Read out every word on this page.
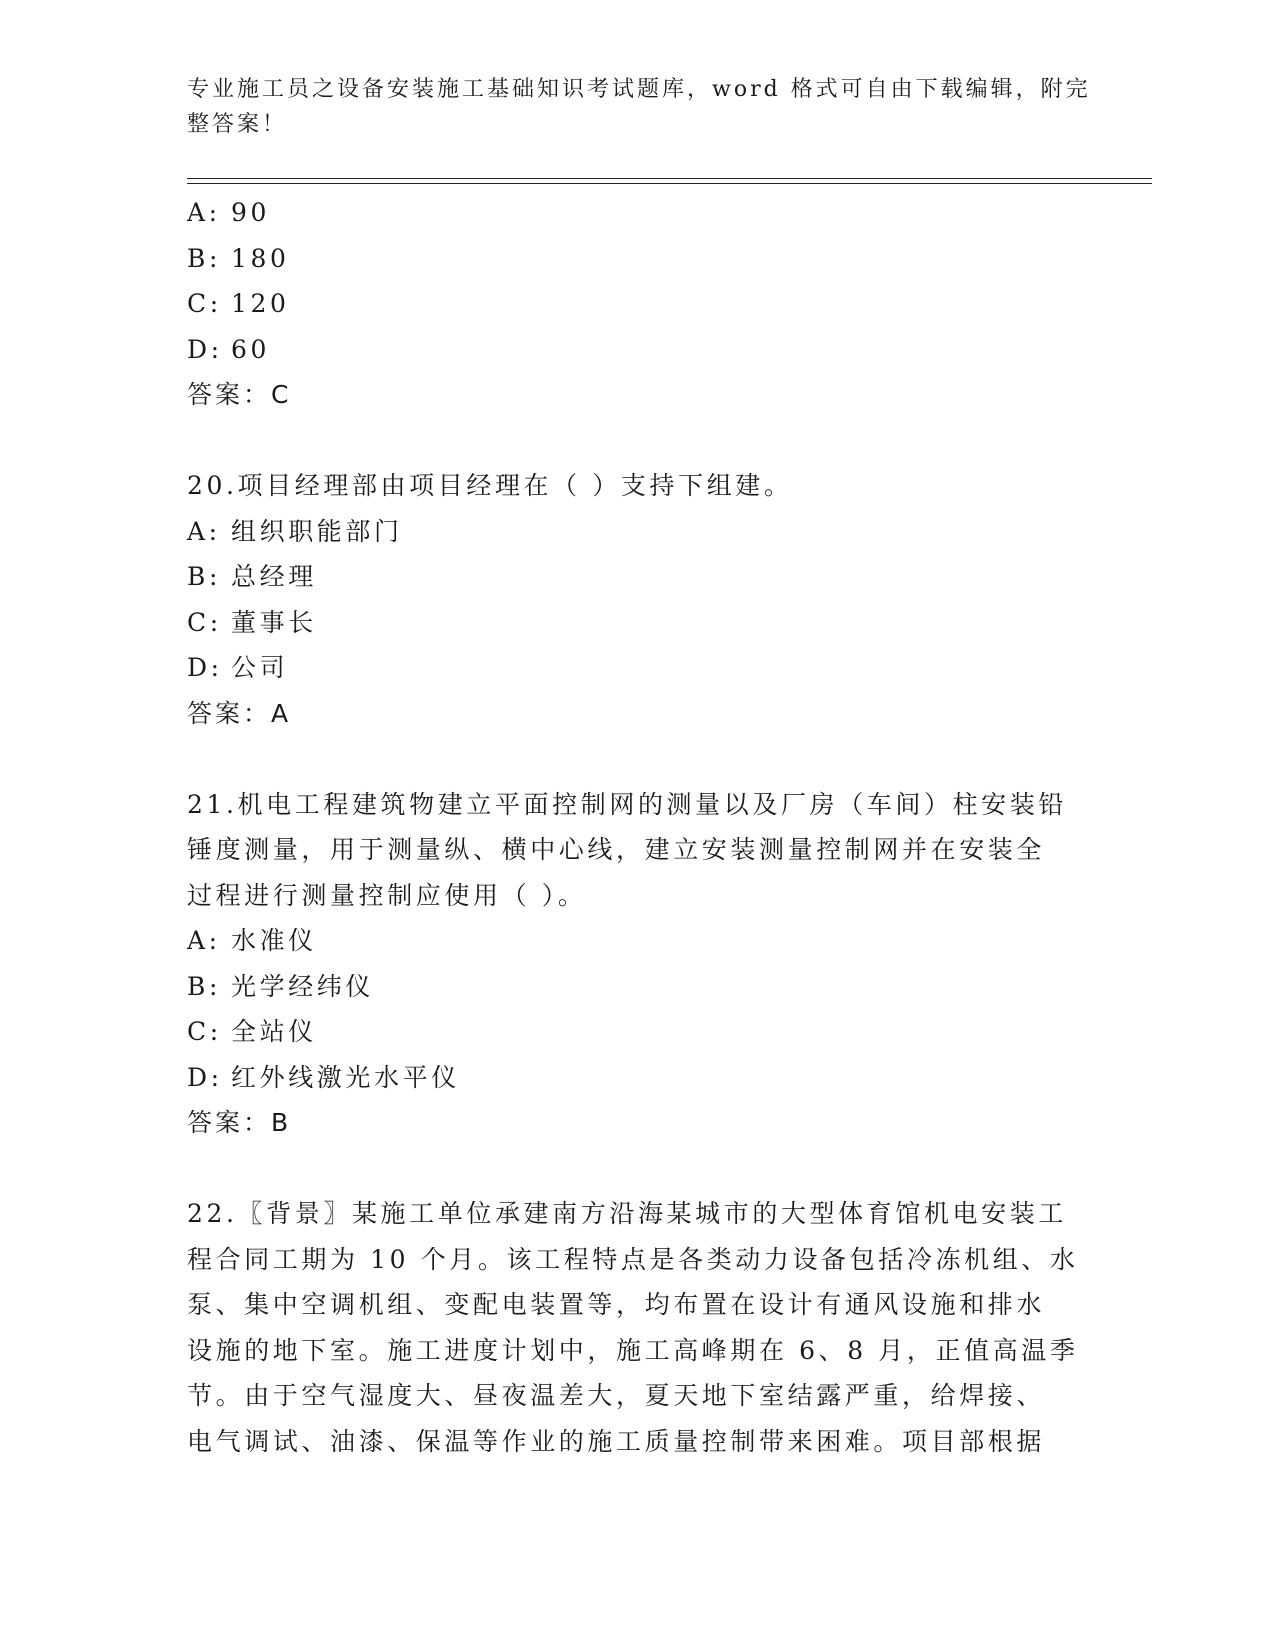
专业施工员之设备安装施工基础知识考试题库，word 格式可自由下载编辑，附完
整答案！
A: 90
B: 180
C: 120
D: 60
答案：C
20.项目经理部由项目经理在（ ）支持下组建。
A: 组织职能部门
B: 总经理
C: 董事长
D: 公司
答案：A
21.机电工程建筑物建立平面控制网的测量以及厂房（车间）柱安装铅
锤度测量，用于测量纵、横中心线，建立安装测量控制网并在安装全
过程进行测量控制应使用（ ）。
A: 水准仪
B: 光学经纬仪
C: 全站仪
D: 红外线激光水平仪
答案：B
22.〖背景〗某施工单位承建南方沿海某城市的大型体育馆机电安装工
程合同工期为 10 个月。该工程特点是各类动力设备包括冷冻机组、水
泵、集中空调机组、变配电装置等，均布置在设计有通风设施和排水
设施的地下室。施工进度计划中，施工高峰期在 6、8 月，正值高温季
节。由于空气湿度大、昼夜温差大，夏天地下室结露严重，给焊接、
电气调试、油漆、保温等作业的施工质量控制带来困难。项目部根据
